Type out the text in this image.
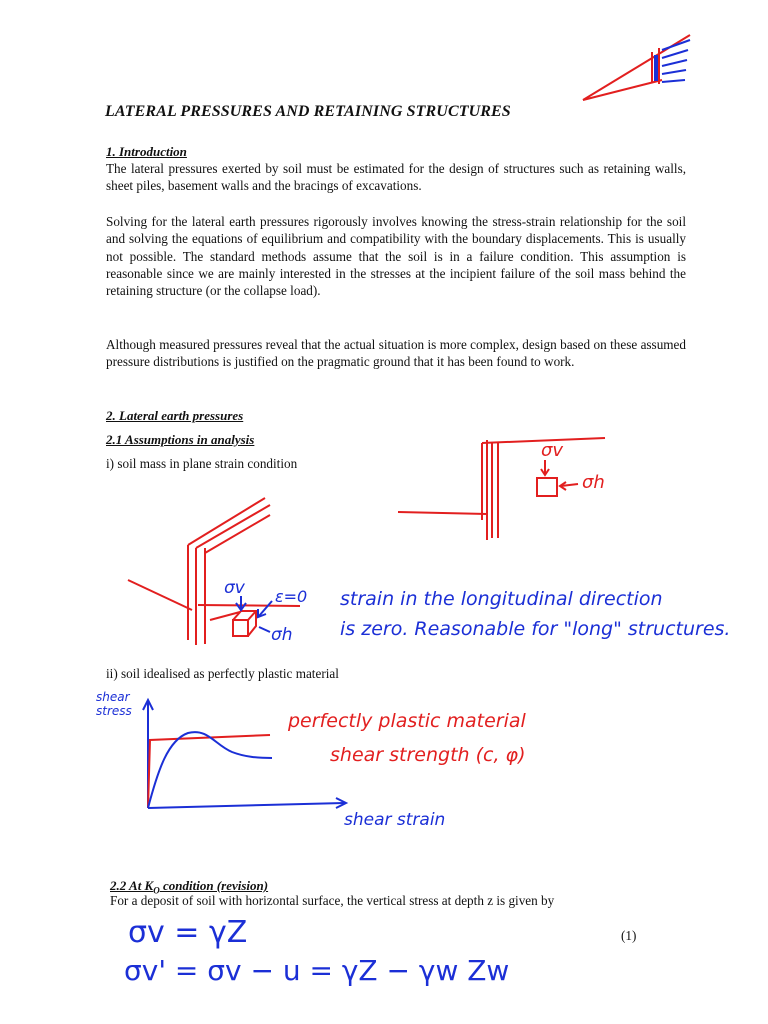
LATERAL PRESSURES AND RETAINING STRUCTURES
1. Introduction
The lateral pressures exerted by soil must be estimated for the design of structures such as retaining walls, sheet piles, basement walls and the bracings of excavations.
Solving for the lateral earth pressures rigorously involves knowing the stress-strain relationship for the soil and solving the equations of equilibrium and compatibility with the boundary displacements. This is usually not possible. The standard methods assume that the soil is in a failure condition. This assumption is reasonable since we are mainly interested in the stresses at the incipient failure of the soil mass behind the retaining structure (or the collapse load).
Although measured pressures reveal that the actual situation is more complex, design based on these assumed pressure distributions is justified on the pragmatic ground that it has been found to work.
2. Lateral earth pressures
2.1 Assumptions in analysis
i) soil mass in plane strain condition
σv
σh
σv ε=0
σh
strain in the longitudinal direction
is zero. Reasonable for "long" structures.
ii) soil idealised as perfectly plastic material
shear stress	perfectly plastic material
shear strength (c, φ)
shear strain
2.2 At $K_O$ condition (revision)
For a deposit of soil with horizontal surface, the vertical stress at depth z is given by
σv = γZ	(1)
σv' = σv − u = γZ − γw Zw
